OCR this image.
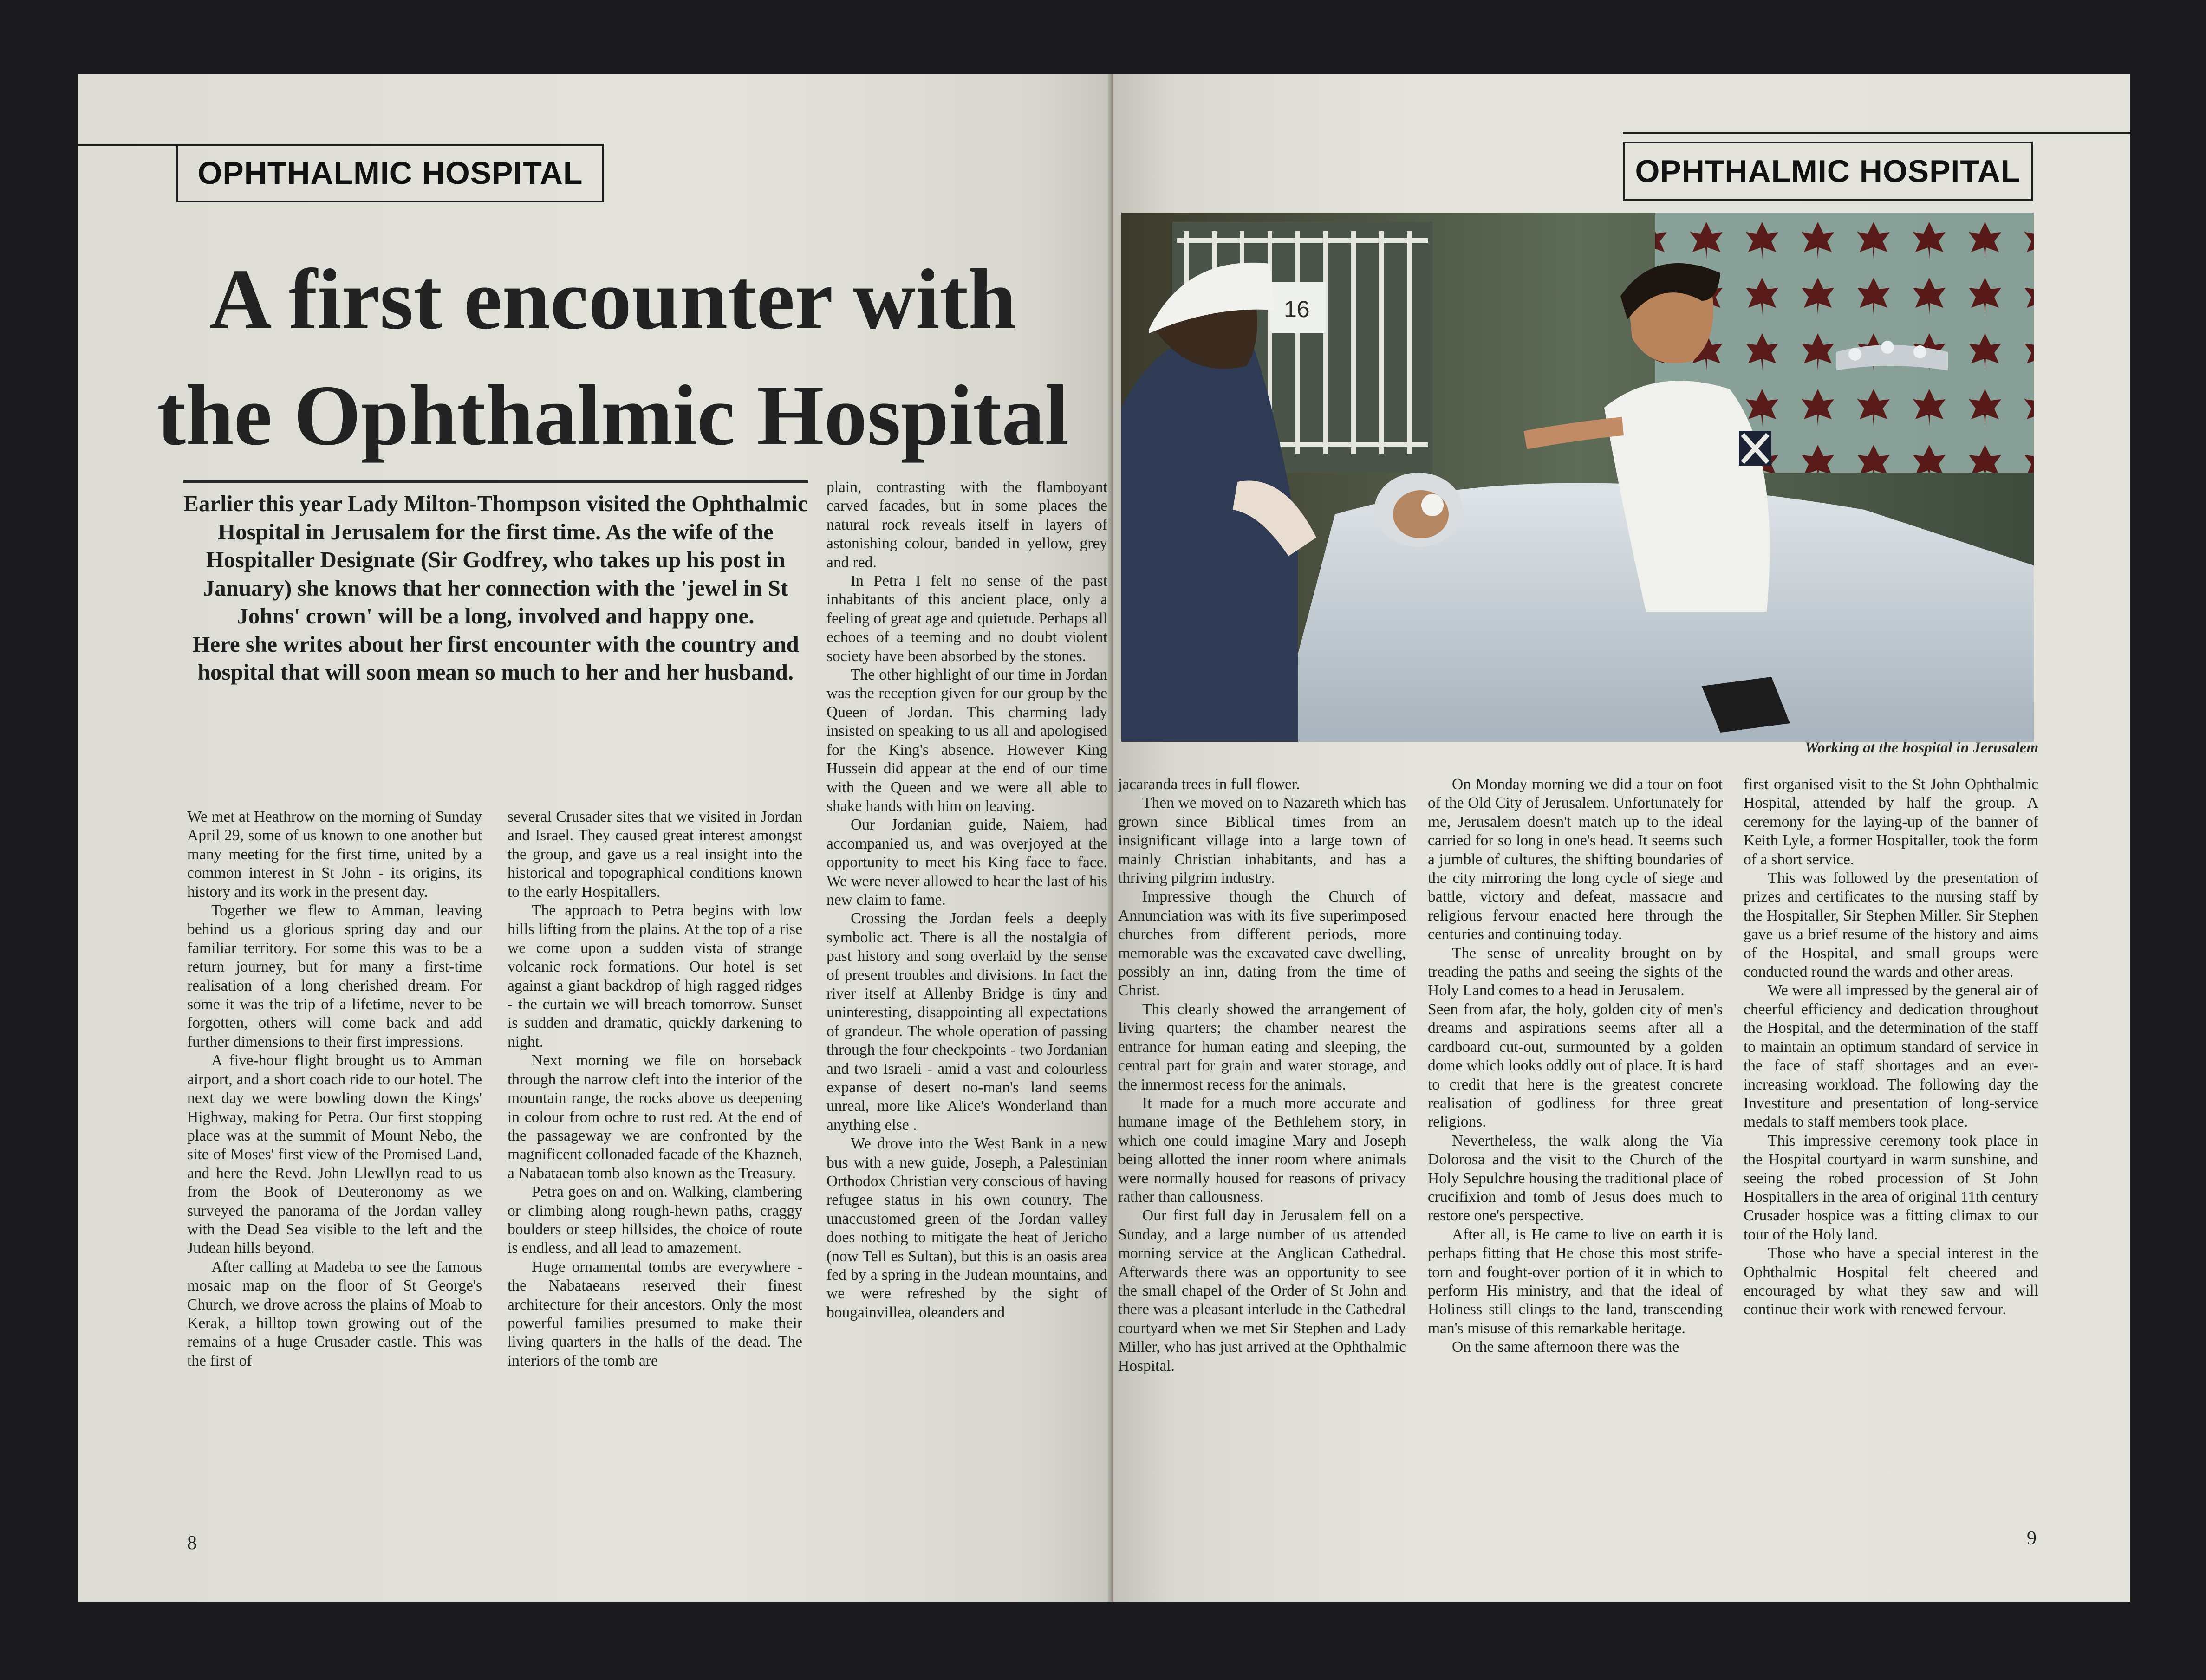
OPHTHALMIC HOSPITAL
A first encounter with
the Ophthalmic Hospital
Earlier this year Lady Milton-Thompson visited the Ophthalmic Hospital in Jerusalem for the first time. As the wife of the Hospitaller Designate (Sir Godfrey, who takes up his post in January) she knows that her connection with the 'jewel in St Johns' crown' will be a long, involved and happy one.
Here she writes about her first encounter with the country and hospital that will soon mean so much to her and her husband.

We met at Heathrow on the morning of Sunday April 29, some of us known to one another but many meeting for the first time, united by a common interest in St John - its origins, its history and its work in the present day.

Together we flew to Amman, leaving behind us a glorious spring day and our familiar territory. For some this was to be a return journey, but for many a first-time realisation of a long cherished dream. For some it was the trip of a lifetime, never to be forgotten, others will come back and add further dimensions to their first impressions.

A five-hour flight brought us to Amman airport, and a short coach ride to our hotel. The next day we were bowling down the Kings' Highway, making for Petra. Our first stopping place was at the summit of Mount Nebo, the site of Moses' first view of the Promised Land, and here the Revd. John Llewllyn read to us from the Book of Deuteronomy as we surveyed the panorama of the Jordan valley with the Dead Sea visible to the left and the Judean hills beyond.

After calling at Madeba to see the famous mosaic map on the floor of St George's Church, we drove across the plains of Moab to Kerak, a hilltop town growing out of the remains of a huge Crusader castle. This was the first of

several Crusader sites that we visited in Jordan and Israel. They caused great interest amongst the group, and gave us a real insight into the historical and topographical conditions known to the early Hospitallers.

The approach to Petra begins with low hills lifting from the plains. At the top of a rise we come upon a sudden vista of strange volcanic rock formations. Our hotel is set against a giant backdrop of high ragged ridges - the curtain we will breach tomorrow. Sunset is sudden and dramatic, quickly darkening to night.

Next morning we file on horseback through the narrow cleft into the interior of the mountain range, the rocks above us deepening in colour from ochre to rust red. At the end of the passageway we are confronted by the magnificent collonaded facade of the Khazneh, a Nabataean tomb also known as the Treasury.

Petra goes on and on. Walking, clambering or climbing along rough-hewn paths, craggy boulders or steep hillsides, the choice of route is endless, and all lead to amazement.

Huge ornamental tombs are everywhere - the Nabataeans reserved their finest architecture for their ancestors. Only the most powerful families presumed to make their living quarters in the halls of the dead. The interiors of the tomb are

plain, contrasting with the flamboyant carved facades, but in some places the natural rock reveals itself in layers of astonishing colour, banded in yellow, grey and red.

In Petra I felt no sense of the past inhabitants of this ancient place, only a feeling of great age and quietude. Perhaps all echoes of a teeming and no doubt violent society have been absorbed by the stones.

The other highlight of our time in Jordan was the reception given for our group by the Queen of Jordan. This charming lady insisted on speaking to us all and apologised for the King's absence. However King Hussein did appear at the end of our time with the Queen and we were all able to shake hands with him on leaving.

Our Jordanian guide, Naiem, had accompanied us, and was overjoyed at the opportunity to meet his King face to face. We were never allowed to hear the last of his new claim to fame.

Crossing the Jordan feels a deeply symbolic act. There is all the nostalgia of past history and song overlaid by the sense of present troubles and divisions. In fact the river itself at Allenby Bridge is tiny and uninteresting, disappointing all expectations of grandeur. The whole operation of passing through the four checkpoints - two Jordanian and two Israeli - amid a vast and colourless expanse of desert no-man's land seems unreal, more like Alice's Wonderland than anything else .

We drove into the West Bank in a new bus with a new guide, Joseph, a Palestinian Orthodox Christian very conscious of having refugee status in his own country. The unaccustomed green of the Jordan valley does nothing to mitigate the heat of Jericho (now Tell es Sultan), but this is an oasis area fed by a spring in the Judean mountains, and we were refreshed by the sight of bougainvillea, oleanders and

8
OPHTHALMIC HOSPITAL
16
Working at the hospital in Jerusalem

jacaranda trees in full flower.

Then we moved on to Nazareth which has grown since Biblical times from an insignificant village into a large town of mainly Christian inhabitants, and has a thriving pilgrim industry.

Impressive though the Church of Annunciation was with its five superimposed churches from different periods, more memorable was the excavated cave dwelling, possibly an inn, dating from the time of Christ.

This clearly showed the arrangement of living quarters; the chamber nearest the entrance for human eating and sleeping, the central part for grain and water storage, and the innermost recess for the animals.

It made for a much more accurate and humane image of the Bethlehem story, in which one could imagine Mary and Joseph being allotted the inner room where animals were normally housed for reasons of privacy rather than callousness.

Our first full day in Jerusalem fell on a Sunday, and a large number of us attended morning service at the Anglican Cathedral. Afterwards there was an opportunity to see the small chapel of the Order of St John and there was a pleasant interlude in the Cathedral courtyard when we met Sir Stephen and Lady Miller, who has just arrived at the Ophthalmic Hospital.

On Monday morning we did a tour on foot of the Old City of Jerusalem. Unfortunately for me, Jerusalem doesn't match up to the ideal carried for so long in one's head. It seems such a jumble of cultures, the shifting boundaries of the city mirroring the long cycle of siege and battle, victory and defeat, massacre and religious fervour enacted here through the centuries and continuing today.

The sense of unreality brought on by treading the paths and seeing the sights of the Holy Land comes to a head in Jerusalem.

Seen from afar, the holy, golden city of men's dreams and aspirations seems after all a cardboard cut-out, surmounted by a golden dome which looks oddly out of place. It is hard to credit that here is the greatest concrete realisation of godliness for three great religions.

Nevertheless, the walk along the Via Dolorosa and the visit to the Church of the Holy Sepulchre housing the traditional place of crucifixion and tomb of Jesus does much to restore one's perspective.

After all, is He came to live on earth it is perhaps fitting that He chose this most strife-torn and fought-over portion of it in which to perform His ministry, and that the ideal of Holiness still clings to the land, transcending man's misuse of this remarkable heritage.

On the same afternoon there was the

first organised visit to the St John Ophthalmic Hospital, attended by half the group. A ceremony for the laying-up of the banner of Keith Lyle, a former Hospitaller, took the form of a short service.

This was followed by the presentation of prizes and certificates to the nursing staff by the Hospitaller, Sir Stephen Miller. Sir Stephen gave us a brief resume of the history and aims of the Hospital, and small groups were conducted round the wards and other areas.

We were all impressed by the general air of cheerful efficiency and dedication throughout the Hospital, and the determination of the staff to maintain an optimum standard of service in the face of staff shortages and an ever-increasing workload. The following day the Investiture and presentation of long-service medals to staff members took place.

This impressive ceremony took place in the Hospital courtyard in warm sunshine, and seeing the robed procession of St John Hospitallers in the area of original 11th century Crusader hospice was a fitting climax to our tour of the Holy land.

Those who have a special interest in the Ophthalmic Hospital felt cheered and encouraged by what they saw and will continue their work with renewed fervour.

9
